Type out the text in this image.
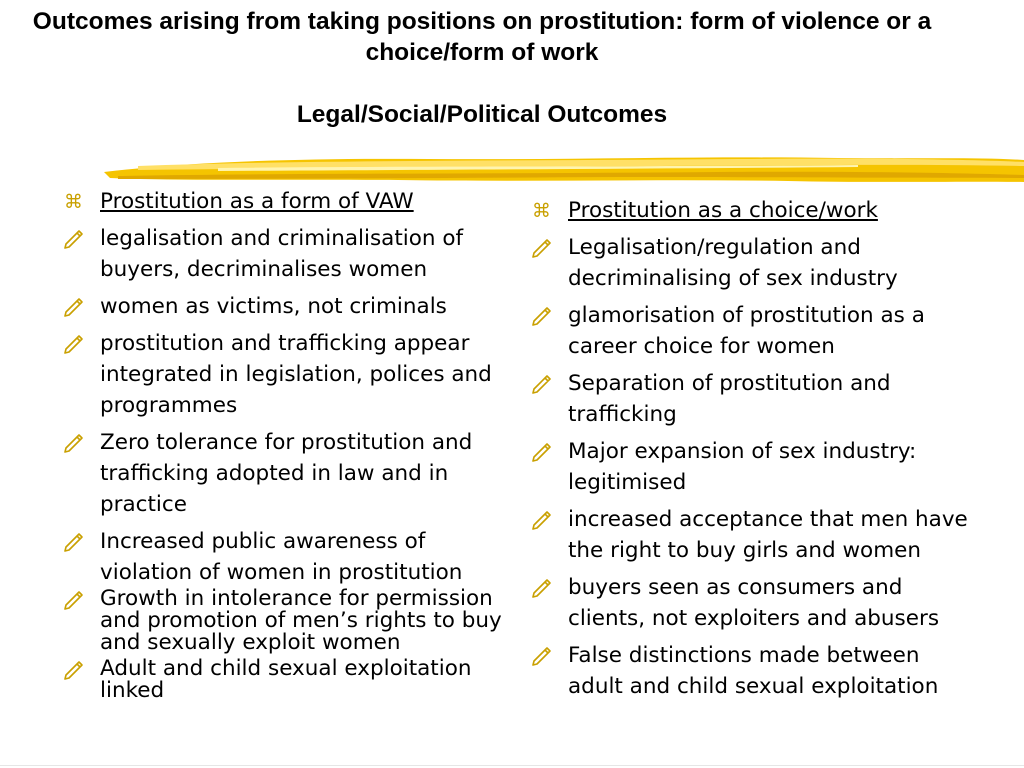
Outcomes arising from taking positions on prostitution: form of violence or a choice/form of work
Legal/Social/Political Outcomes
⌘ Prostitution as a form of VAW
legalisation and criminalisation of buyers, decriminalises women
women as victims, not criminals
prostitution and trafficking appear integrated in legislation, polices and programmes
Zero tolerance for prostitution and trafficking adopted in law and in practice
Increased public awareness of violation of women in prostitution
Growth in intolerance for permission and promotion of men’s rights to buy and sexually exploit women
Adult and child sexual exploitation linked
⌘ Prostitution as a choice/work
Legalisation/regulation and decriminalising of sex industry
glamorisation of prostitution as a career choice for women
Separation of prostitution and trafficking
Major expansion of sex industry: legitimised
increased acceptance that men have the right to buy girls and women
buyers seen as consumers and clients, not exploiters and abusers
False distinctions made between adult and child sexual exploitation
